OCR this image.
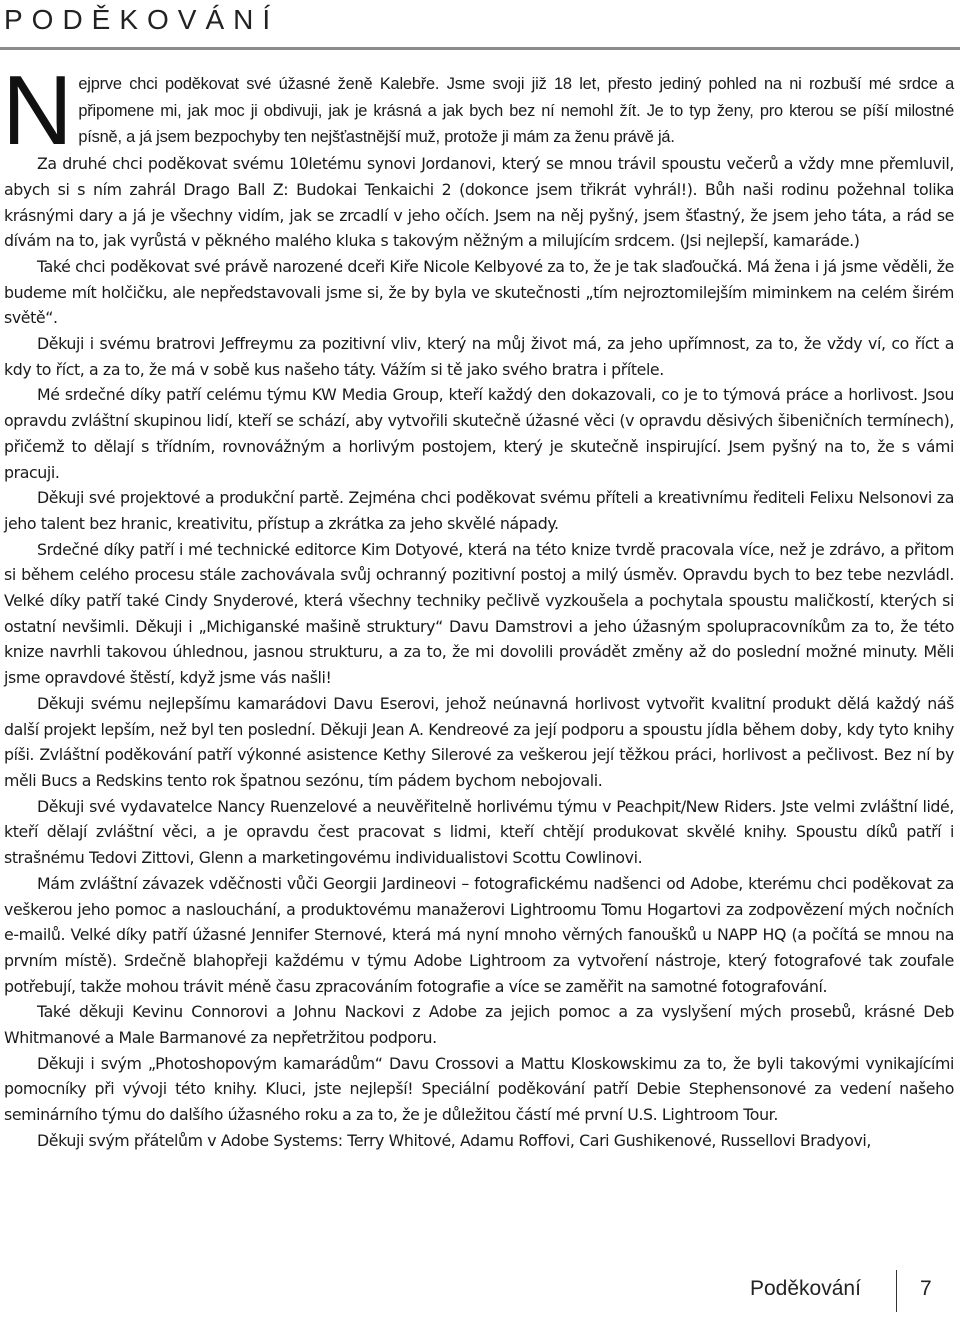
PODĚKOVÁNÍ

Nejprve chci poděkovat své úžasné ženě Kalebře. Jsme svoji již 18 let, přesto jediný pohled na ni rozbuší mé srdce a připomene mi, jak moc ji obdivuji, jak je krásná a jak bych bez ní nemohl žít. Je to typ ženy, pro kterou se píší milostné písně, a já jsem bezpochyby ten nejšťastnější muž, protože ji mám za ženu právě já.

Za druhé chci poděkovat svému 10letému synovi Jordanovi, který se mnou trávil spoustu večerů a vždy mne přemluvil, abych si s ním zahrál Drago Ball Z: Budokai Tenkaichi 2 (dokonce jsem třikrát vyhrál!). Bůh naši rodinu požehnal tolika krásnými dary a já je všechny vidím, jak se zrcadlí v jeho očích. Jsem na něj pyšný, jsem šťastný, že jsem jeho táta, a rád se dívám na to, jak vyrůstá v pěkného malého kluka s takovým něžným a milujícím srdcem. (Jsi nejlepší, kamaráde.)

Také chci poděkovat své právě narozené dceři Kiře Nicole Kelbyové za to, že je tak slaďoučká. Má žena i já jsme věděli, že budeme mít holčičku, ale nepředstavovali jsme si, že by byla ve skutečnosti „tím nejroztomilejším miminkem na celém širém světě“.

Děkuji i svému bratrovi Jeffreymu za pozitivní vliv, který na můj život má, za jeho upřímnost, za to, že vždy ví, co říct a kdy to říct, a za to, že má v sobě kus našeho táty. Vážím si tě jako svého bratra i přítele.

Mé srdečné díky patří celému týmu KW Media Group, kteří každý den dokazovali, co je to týmová práce a horlivost. Jsou opravdu zvláštní skupinou lidí, kteří se schází, aby vytvořili skutečně úžasné věci (v opravdu děsivých šibeničních termínech), přičemž to dělají s třídním, rovnovážným a horlivým postojem, který je skutečně inspirující. Jsem pyšný na to, že s vámi pracuji.

Děkuji své projektové a produkční partě. Zejména chci poděkovat svému příteli a kreativnímu řediteli Felixu Nelsonovi za jeho talent bez hranic, kreativitu, přístup a zkrátka za jeho skvělé nápady.

Srdečné díky patří i mé technické editorce Kim Dotyové, která na této knize tvrdě pracovala více, než je zdrávo, a přitom si během celého procesu stále zachovávala svůj ochranný pozitivní postoj a milý úsměv. Opravdu bych to bez tebe nezvládl. Velké díky patří také Cindy Snyderové, která všechny techniky pečlivě vyzkoušela a pochytala spoustu maličkostí, kterých si ostatní nevšimli. Děkuji i „Michiganské mašině struktury“ Davu Damstrovi a jeho úžasným spolupracovníkům za to, že této knize navrhli takovou úhlednou, jasnou strukturu, a za to, že mi dovolili provádět změny až do poslední možné minuty. Měli jsme opravdové štěstí, když jsme vás našli!

Děkuji svému nejlepšímu kamarádovi Davu Eserovi, jehož neúnavná horlivost vytvořit kvalitní produkt dělá každý náš další projekt lepším, než byl ten poslední. Děkuji Jean A. Kendreové za její podporu a spoustu jídla během doby, kdy tyto knihy píši. Zvláštní poděkování patří výkonné asistence Kethy Silerové za veškerou její těžkou práci, horlivost a pečlivost. Bez ní by měli Bucs a Redskins tento rok špatnou sezónu, tím pádem bychom nebojovali.

Děkuji své vydavatelce Nancy Ruenzelové a neuvěřitelně horlivému týmu v Peachpit/New Riders. Jste velmi zvláštní lidé, kteří dělají zvláštní věci, a je opravdu čest pracovat s lidmi, kteří chtějí produkovat skvělé knihy. Spoustu díků patří i strašnému Tedovi Zittovi, Glenn a marketingovému individualistovi Scottu Cowlinovi.

Mám zvláštní závazek vděčnosti vůči Georgii Jardineovi – fotografickému nadšenci od Adobe, kterému chci poděkovat za veškerou jeho pomoc a naslouchání, a produktovému manažerovi Lightroomu Tomu Hogartovi za zodpovězení mých nočních e-mailů. Velké díky patří úžasné Jennifer Sternové, která má nyní mnoho věrných fanoušků u NAPP HQ (a počítá se mnou na prvním místě). Srdečně blahopřeji každému v týmu Adobe Lightroom za vytvoření nástroje, který fotografové tak zoufale potřebují, takže mohou trávit méně času zpracováním fotografie a více se zaměřit na samotné fotografování.

Také děkuji Kevinu Connorovi a Johnu Nackovi z Adobe za jejich pomoc a za vyslyšení mých prosebů, krásné Deb Whitmanové a Male Barmanové za nepřetržitou podporu.

Děkuji i svým „Photoshopovým kamarádům“ Davu Crossovi a Mattu Kloskowskimu za to, že byli takovými vynikajícími pomocníky při vývoji této knihy. Kluci, jste nejlepší! Speciální poděkování patří Debie Stephensonové za vedení našeho seminárního týmu do dalšího úžasného roku a za to, že je důležitou částí mé první U.S. Lightroom Tour.

Děkuji svým přátelům v Adobe Systems: Terry Whitové, Adamu Roffovi, Cari Gushikenové, Russellovi Bradyovi,

Poděkování	7
